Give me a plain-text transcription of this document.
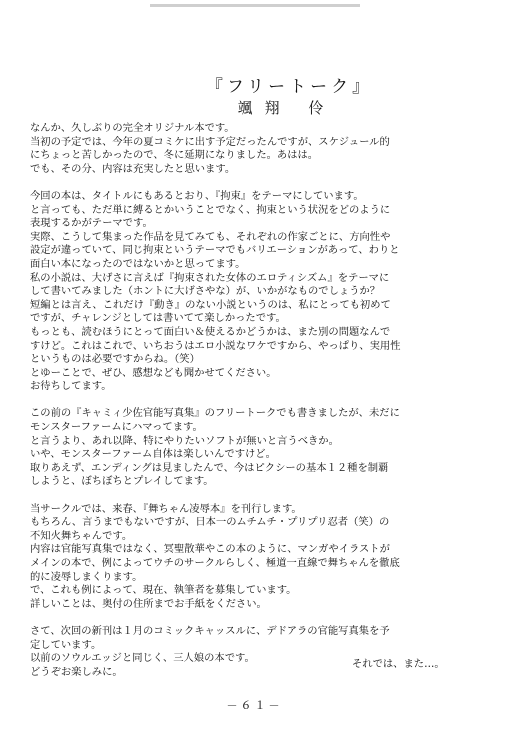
『フリートーク』
颯翔 伶

なんか、久しぶりの完全オリジナル本です。

当初の予定では、今年の夏コミケに出す予定だったんですが、スケジュール的

にちょっと苦しかったので、冬に延期になりました。あはは。

でも、その分、内容は充実したと思います。

今回の本は、タイトルにもあるとおり、『拘束』をテーマにしています。

と言っても、ただ単に縛るとかいうことでなく、拘束という状況をどのように

表現するかがテーマです。

実際、こうして集まった作品を見てみても、それぞれの作家ごとに、方向性や

設定が違っていて、同じ拘束というテーマでもバリエーションがあって、わりと

面白い本になったのではないかと思ってます。

私の小説は、大げさに言えば『拘束された女体のエロティシズム』をテーマに

して書いてみました（ホントに大げさやな）が、いかがなものでしょうか？

短編とは言え、これだけ『動き』のない小説というのは、私にとっても初めて

ですが、チャレンジとしては書いてて楽しかったです。

もっとも、読むほうにとって面白い＆使えるかどうかは、また別の問題なんで

すけど。これはこれで、いちおうはエロ小説なワケですから、やっぱり、実用性

というものは必要ですからね。（笑）

とゆーことで、ぜひ、感想なども聞かせてください。

お待ちしてます。

この前の『キャミィ少佐官能写真集』のフリートークでも書きましたが、未だに

モンスターファームにハマってます。

と言うより、あれ以降、特にやりたいソフトが無いと言うべきか。

いや、モンスターファーム自体は楽しいんですけど。

取りあえず、エンディングは見ましたんで、今はピクシーの基本１２種を制覇

しようと、ぼちぼちとプレイしてます。

当サークルでは、来春、『舞ちゃん凌辱本』を刊行します。

もちろん、言うまでもないですが、日本一のムチムチ・プリプリ忍者（笑）の

不知火舞ちゃんです。

内容は官能写真集ではなく、冥聖散華やこの本のように、マンガやイラストが

メインの本で、例によってウチのサークルらしく、極道一直線で舞ちゃんを徹底

的に凌辱しまくります。

で、これも例によって、現在、執筆者を募集しています。

詳しいことは、奥付の住所までお手紙をください。

さて、次回の新刊は１月のコミックキャッスルに、デドアラの官能写真集を予

定しています。

以前のソウルエッジと同じく、三人娘の本です。

どうぞお楽しみに。

それでは、また…。
－６１－
